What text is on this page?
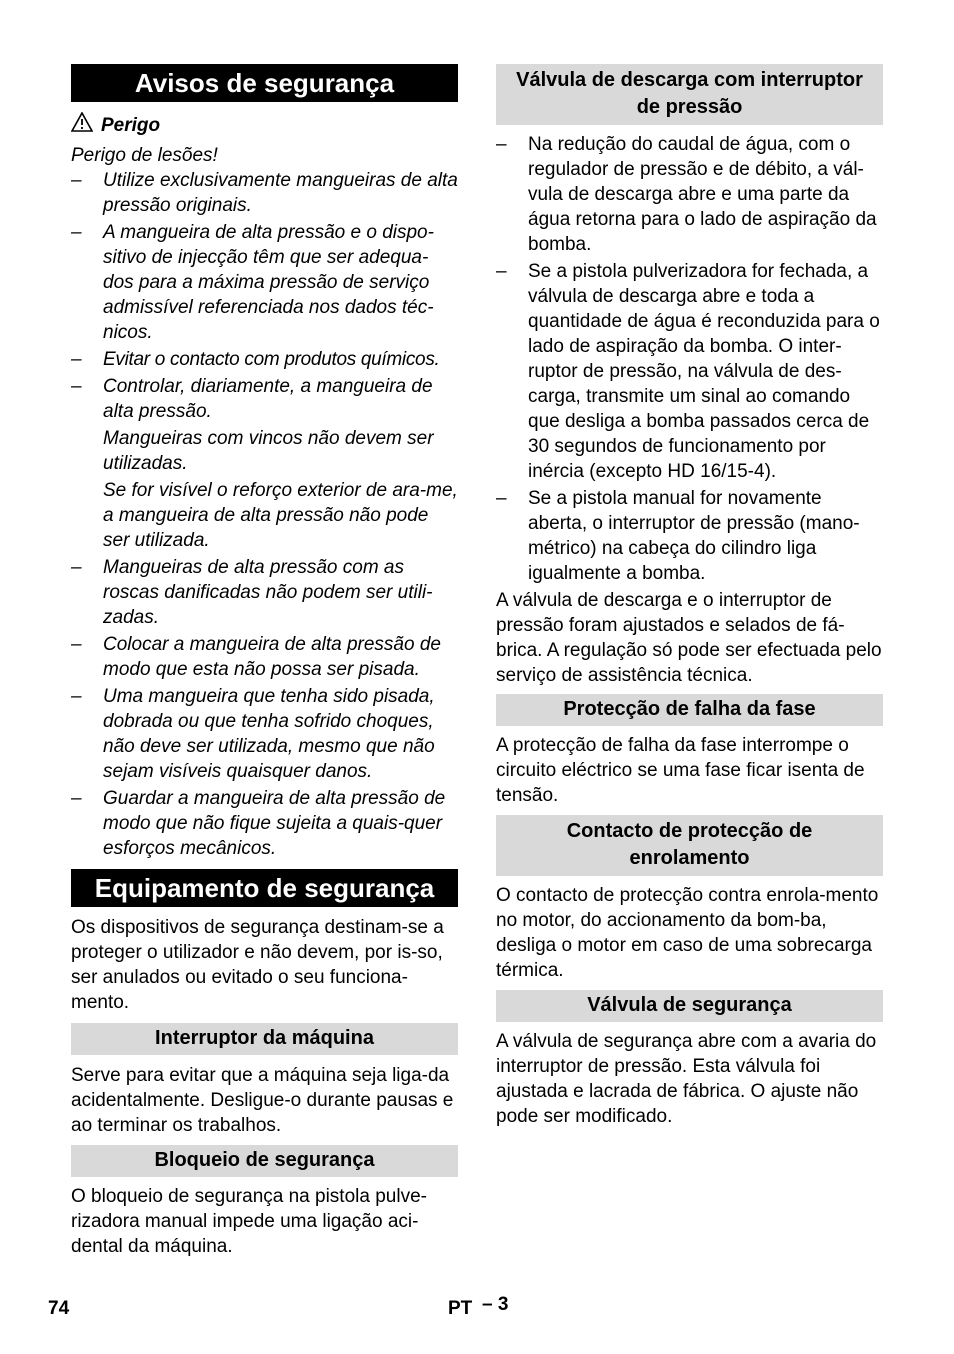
Avisos de segurança
Perigo

Perigo de lesões!

– Utilize exclusivamente mangueiras de alta pressão originais.
– A mangueira de alta pressão e o dispo-sitivo de injecção têm que ser adequa-dos para a máxima pressão de serviço admissível referenciada nos dados téc-nicos.
– Evitar o contacto com produtos químicos.
– Controlar, diariamente, a mangueira de alta pressão.
Mangueiras com vincos não devem ser utilizadas.
Se for visível o reforço exterior de ara-me, a mangueira de alta pressão não pode ser utilizada.
– Mangueiras de alta pressão com as roscas danificadas não podem ser utili-zadas.
– Colocar a mangueira de alta pressão de modo que esta não possa ser pisada.
– Uma mangueira que tenha sido pisada, dobrada ou que tenha sofrido choques, não deve ser utilizada, mesmo que não sejam visíveis quaisquer danos.
– Guardar a mangueira de alta pressão de modo que não fique sujeita a quais-quer esforços mecânicos.
Equipamento de segurança

Os dispositivos de segurança destinam-se a proteger o utilizador e não devem, por is-so, ser anulados ou evitado o seu funciona-mento.

Interruptor da máquina

Serve para evitar que a máquina seja liga-da acidentalmente. Desligue-o durante pausas e ao terminar os trabalhos.

Bloqueio de segurança

O bloqueio de segurança na pistola pulve-rizadora manual impede uma ligação aci-dental da máquina.

Válvula de descarga com interruptor de pressão
– Na redução do caudal de água, com o regulador de pressão e de débito, a vál-vula de descarga abre e uma parte da água retorna para o lado de aspiração da bomba.
– Se a pistola pulverizadora for fechada, a válvula de descarga abre e toda a quantidade de água é reconduzida para o lado de aspiração da bomba. O inter-ruptor de pressão, na válvula de des-carga, transmite um sinal ao comando que desliga a bomba passados cerca de 30 segundos de funcionamento por inércia (excepto HD 16/15-4).
– Se a pistola manual for novamente aberta, o interruptor de pressão (mano-métrico) na cabeça do cilindro liga igualmente a bomba.

A válvula de descarga e o interruptor de pressão foram ajustados e selados de fá-brica. A regulação só pode ser efectuada pelo serviço de assistência técnica.

Protecção de falha da fase

A protecção de falha da fase interrompe o circuito eléctrico se uma fase ficar isenta de tensão.

Contacto de protecção de enrolamento

O contacto de protecção contra enrola-mento no motor, do accionamento da bom-ba, desliga o motor em caso de uma sobrecarga térmica.

Válvula de segurança

A válvula de segurança abre com a avaria do interruptor de pressão. Esta válvula foi ajustada e lacrada de fábrica. O ajuste não pode ser modificado.

74	PT – 3
